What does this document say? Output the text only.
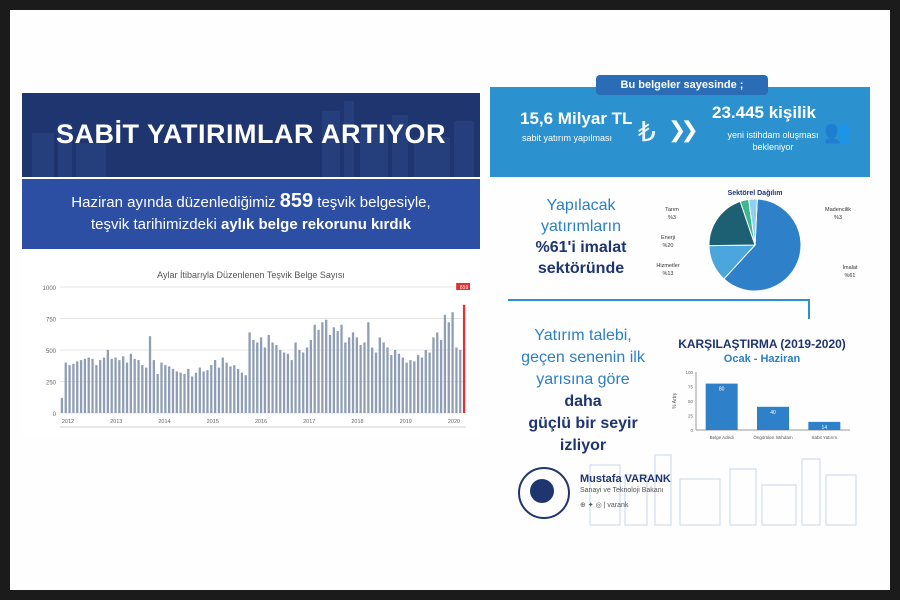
SABİT YATIRIMLAR ARTIYOR
Haziran ayında düzenlediğimiz 859 teşvik belgesiyle,
teşvik tarihimizdeki aylık belge rekorunu kırdık
Aylar İtibarıyla Düzenlenen Teşvik Belge Sayısı
1000
750
500
250
0
859
2012	2013	2014	2015	2016	2017	2018	2019	2020
Bu belgeler sayesinde ;
15,6 Milyar TL
sabit yatırım yapılması ₺ ❯❯
23.445 kişilik
yeni istihdam oluşması bekleniyor
👥
Yapılacak
yatırımların
%61'i imalat
sektöründe
Sektörel Dağılım
İmalat
%61
Hizmetler
%13
Enerji
%20
Tarım
%3
Madencilik
%3
Yatırım talebi,
geçen senenin ilk
yarısına göre daha
güçlü bir seyir
izliyor
KARŞILAŞTIRMA (2019-2020)
Ocak - Haziran
% Artış
100
75
50
25
0
80
Belge Adedi
40
Öngörülen İstihdam
14
Sabit Yatırım
Mustafa VARANK
Sanayi ve Teknoloji Bakanı
⊕ ✦ ◎ | varank
